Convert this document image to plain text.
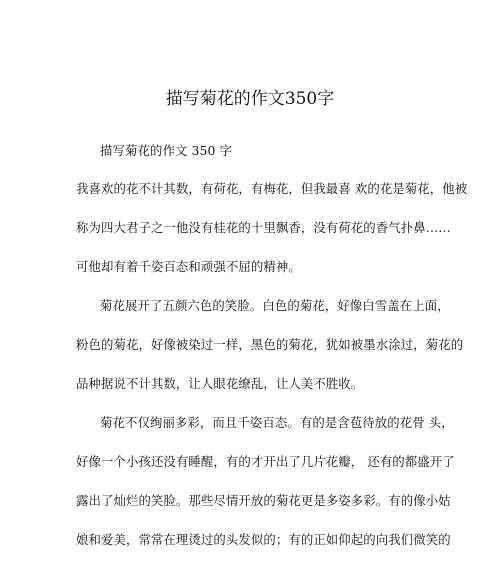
描写菊花的作文350字
描写菊花的作文 350 字
我喜欢的花不计其数，有荷花，有梅花，但我最喜 欢的花是菊花，他被
称为四大君子之一他没有桂花的十里飘香，没有荷花的香气扑鼻……
可他却有着千姿百态和顽强不屈的精神。
菊花展开了五颜六色的笑脸。白色的菊花，好像白雪盖在上面，
粉色的菊花，好像被染过一样，黑色的菊花，犹如被墨水涂过，菊花的
品种据说不计其数，让人眼花缭乱，让人美不胜收。
菊花不仅绚丽多彩，而且千姿百态。有的是含苞待放的花骨 头，
好像一个小孩还没有睡醒，有的才开出了几片花瓣， 还有的都盛开了
露出了灿烂的笑脸。那些尽情开放的菊花更是多姿多彩。有的像小姑
娘和爱美，常常在理烫过的头发似的；有的正如仰起的向我们微笑的
